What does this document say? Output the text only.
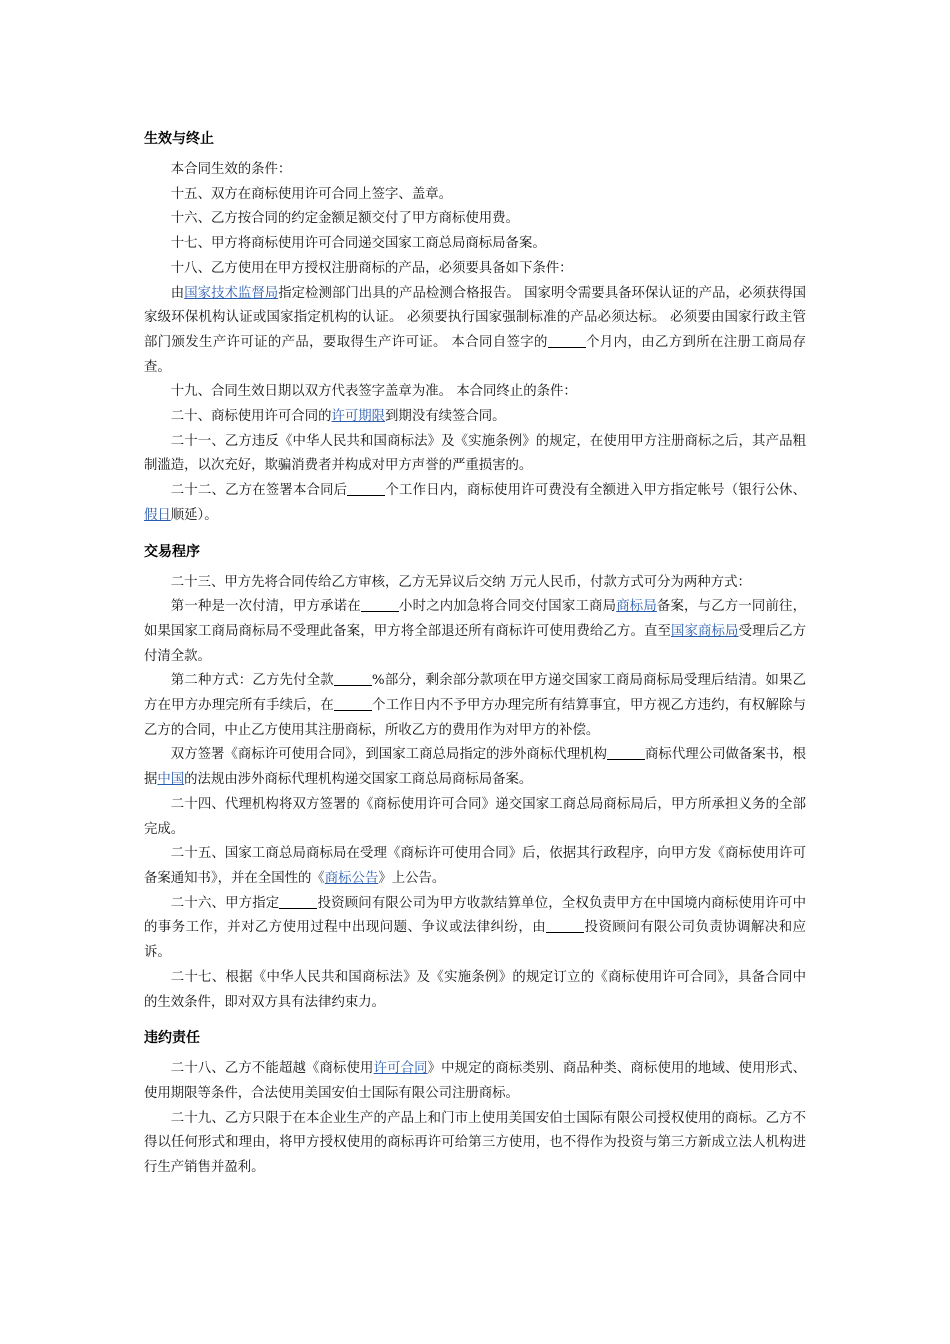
生效与终止

本合同生效的条件：

十五、双方在商标使用许可合同上签字、盖章。

十六、乙方按合同的约定金额足额交付了甲方商标使用费。

十七、甲方将商标使用许可合同递交国家工商总局商标局备案。

十八、乙方使用在甲方授权注册商标的产品，必须要具备如下条件：

由国家技术监督局指定检测部门出具的产品检测合格报告。 国家明令需要具备环保认证的产品，必须获得国家级环保机构认证或国家指定机构的认证。 必须要执行国家强制标准的产品必须达标。 必须要由国家行政主管部门颁发生产许可证的产品，要取得生产许可证。 本合同自签字的	个月内，由乙方到所在注册工商局存查。

十九、合同生效日期以双方代表签字盖章为准。 本合同终止的条件：

二十、商标使用许可合同的许可期限到期没有续签合同。

二十一、乙方违反《中华人民共和国商标法》及《实施条例》的规定，在使用甲方注册商标之后，其产品粗制滥造，以次充好，欺骗消费者并构成对甲方声誉的严重损害的。

二十二、乙方在签署本合同后	个工作日内，商标使用许可费没有全额进入甲方指定帐号（银行公休、假日顺延）。

交易程序

二十三、甲方先将合同传给乙方审核，乙方无异议后交纳 万元人民币，付款方式可分为两种方式：

第一种是一次付清，甲方承诺在	小时之内加急将合同交付国家工商局商标局备案，与乙方一同前往，如果国家工商局商标局不受理此备案，甲方将全部退还所有商标许可使用费给乙方。直至国家商标局受理后乙方付清全款。

第二种方式：乙方先付全款	%部分，剩余部分款项在甲方递交国家工商局商标局受理后结清。如果乙方在甲方办理完所有手续后，在	个工作日内不予甲方办理完所有结算事宜，甲方视乙方违约，有权解除与乙方的合同，中止乙方使用其注册商标，所收乙方的费用作为对甲方的补偿。

双方签署《商标许可使用合同》，到国家工商总局指定的涉外商标代理机构	商标代理公司做备案书，根据中国的法规由涉外商标代理机构递交国家工商总局商标局备案。

二十四、代理机构将双方签署的《商标使用许可合同》递交国家工商总局商标局后，甲方所承担义务的全部完成。

二十五、国家工商总局商标局在受理《商标许可使用合同》后，依据其行政程序，向甲方发《商标使用许可备案通知书》，并在全国性的《商标公告》上公告。

二十六、甲方指定	投资顾问有限公司为甲方收款结算单位，全权负责甲方在中国境内商标使用许可中的事务工作，并对乙方使用过程中出现问题、争议或法律纠纷，由	投资顾问有限公司负责协调解决和应诉。

二十七、根据《中华人民共和国商标法》及《实施条例》的规定订立的《商标使用许可合同》，具备合同中的生效条件，即对双方具有法律约束力。

违约责任

二十八、乙方不能超越《商标使用许可合同》中规定的商标类别、商品种类、商标使用的地域、使用形式、使用期限等条件，合法使用美国安伯士国际有限公司注册商标。

二十九、乙方只限于在本企业生产的产品上和门市上使用美国安伯士国际有限公司授权使用的商标。乙方不得以任何形式和理由，将甲方授权使用的商标再许可给第三方使用，也不得作为投资与第三方新成立法人机构进行生产销售并盈利。
